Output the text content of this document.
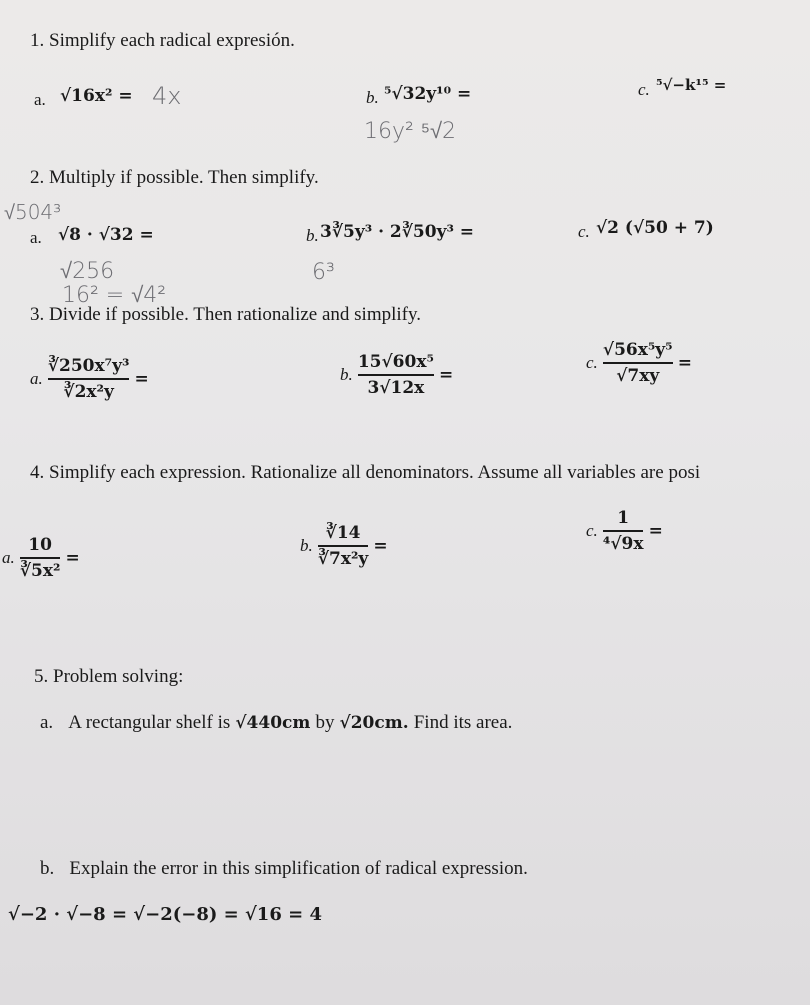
1. Simplify each radical expresión.
a. √16x² = 4x	b. ⁵√32y¹⁰ =
16y² ⁵√2
c. ⁵√−k¹⁵ =
2. Multiply if possible. Then simplify.
√504³
a. √8 · √32 =
√256
16² = √4²
b. 3∛5y³ · 2∛50y³ =
6³
c. √2 (√50 + 7)
3. Divide if possible. Then rationalize and simplify.
a. $\frac{\text{∛250x⁷y³}}{\text{∛2x²y}}$ =	b. $\frac{\text{15√60x⁵}}{3√12x}$ =
c. $\frac{\text{√56x⁵y⁵}}{√7xy}$ =
4. Simplify each expression. Rationalize all denominators. Assume all variables are posi
a. $\frac{10}{\text{∛5x²}}$ =
b. $\frac{∛14}{\text{∛7x²y}}$ =
c. $\frac{1}{\text{⁴√9x}}$ =
5. Problem solving:
a. A rectangular shelf is √440cm by √20cm. Find its area.
b. Explain the error in this simplification of radical expression.
√−2 · √−8 = √−2(−8) = √16 = 4
